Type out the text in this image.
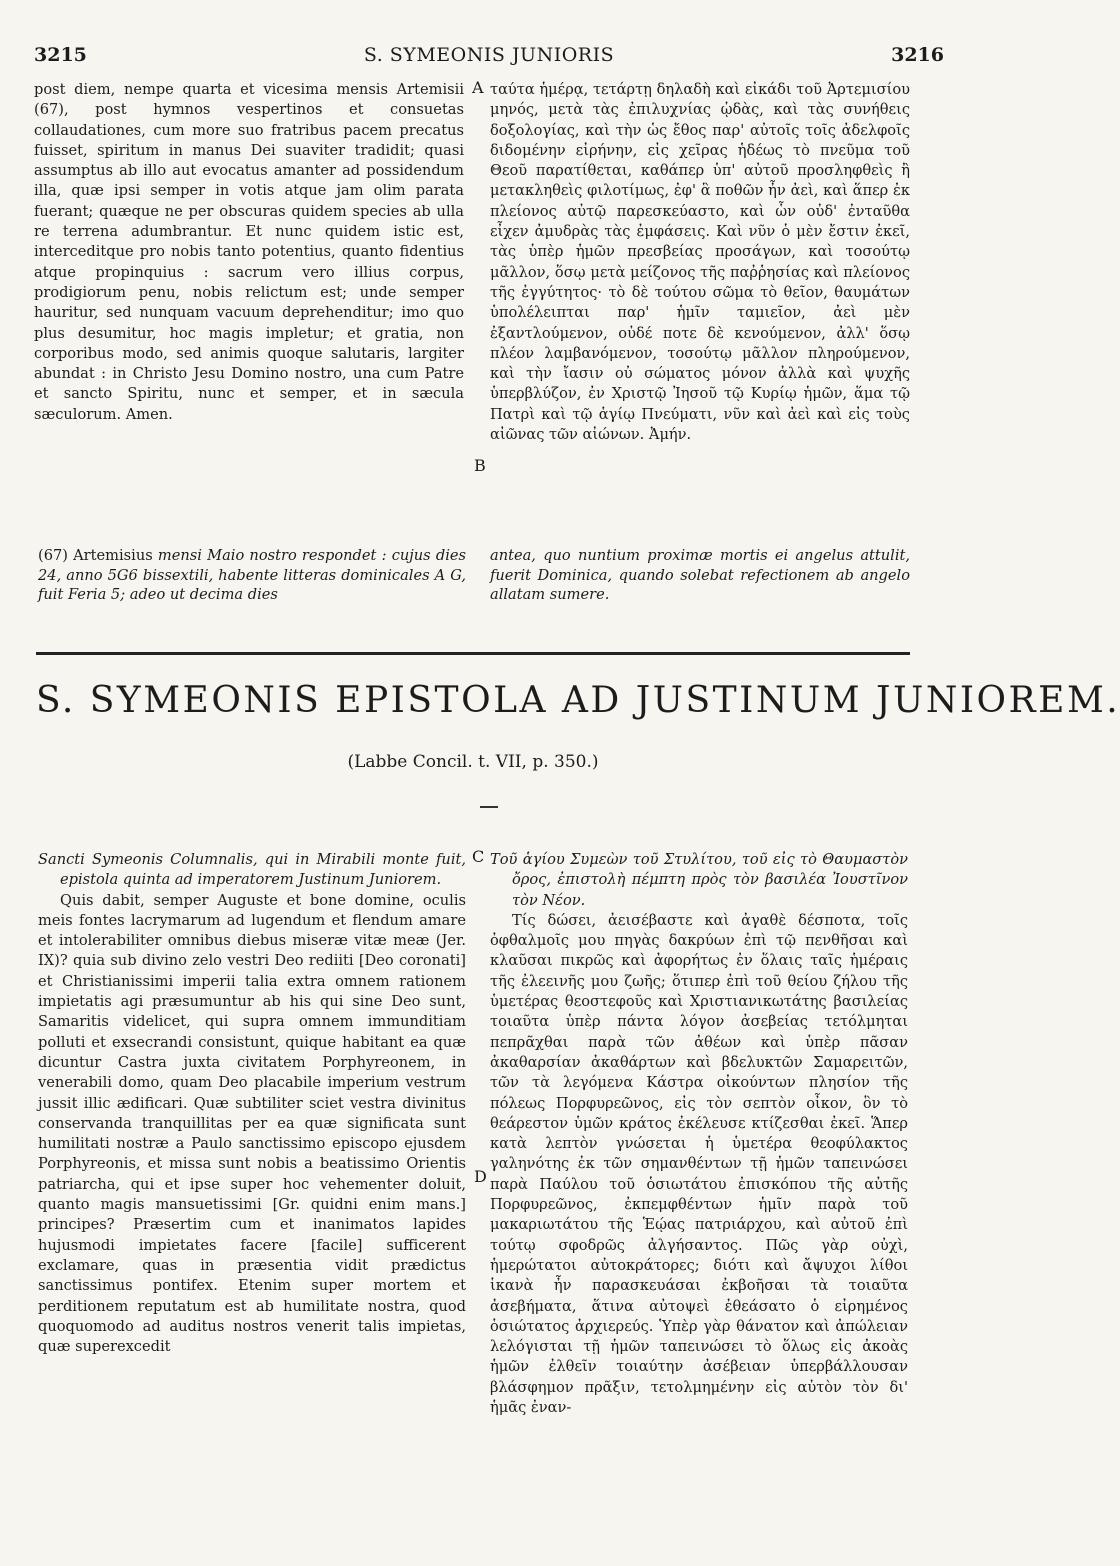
3215	S. SYMEONIS JUNIORIS	3216
A
B
C
D

post diem, nempe quarta et vicesima mensis Artemisii (67), post hymnos vespertinos et consuetas collaudationes, cum more suo fratribus pacem precatus fuisset, spiritum in manus Dei suaviter tradidit; quasi assumptus ab illo aut evocatus amanter ad possidendum illa, quæ ipsi semper in votis atque jam olim parata fuerant; quæque ne per obscuras quidem species ab ulla re terrena adumbrantur. Et nunc quidem istic est, interceditque pro nobis tanto potentius, quanto fidentius atque propinquius : sacrum vero illius corpus, prodigiorum penu, nobis relictum est; unde semper hauritur, sed nunquam vacuum deprehenditur; imo quo plus desumitur, hoc magis impletur; et gratia, non corporibus modo, sed animis quoque salutaris, largiter abundat : in Christo Jesu Domino nostro, una cum Patre et sancto Spiritu, nunc et semper, et in sæcula sæculorum. Amen.

ταύτα ἡμέρᾳ, τετάρτῃ δηλαδὴ καὶ εἰκάδι τοῦ Ἀρτεμισίου μηνός, μετὰ τὰς ἐπιλυχνίας ᾠδὰς, καὶ τὰς συνήθεις δοξολογίας, καὶ τὴν ὡς ἔθος παρ' αὐτοῖς τοῖς ἀδελφοῖς διδομένην εἰρήνην, εἰς χεῖρας ἡδέως τὸ πνεῦμα τοῦ Θεοῦ παρατίθεται, καθάπερ ὑπ' αὐτοῦ προσληφθεὶς ἢ μετακληθεὶς φιλοτίμως, ἐφ' ἃ ποθῶν ἦν ἀεὶ, καὶ ἅπερ ἐκ πλείονος αὐτῷ παρεσκεύαστο, καὶ ὧν οὐδ' ἐνταῦθα εἶχεν ἀμυδρὰς τὰς ἐμφάσεις. Καὶ νῦν ὁ μὲν ἔστιν ἐκεῖ, τὰς ὑπὲρ ἡμῶν πρεσβείας προσάγων, καὶ τοσούτῳ μᾶλλον, ὅσῳ μετὰ μείζονος τῆς παῤῥησίας καὶ πλείονος τῆς ἐγγύτητος· τὸ δὲ τούτου σῶμα τὸ θεῖον, θαυμάτων ὑπολέλειπται παρ' ἡμῖν ταμιεῖον, ἀεὶ μὲν ἐξαντλούμενον, οὐδέ ποτε δὲ κενούμενον, ἀλλ' ὅσῳ πλέον λαμβανόμενον, τοσούτῳ μᾶλλον πληρούμενον, καὶ τὴν ἴασιν οὐ σώματος μόνον ἀλλὰ καὶ ψυχῆς ὑπερβλύζον, ἐν Χριστῷ Ἰησοῦ τῷ Κυρίῳ ἡμῶν, ἅμα τῷ Πατρὶ καὶ τῷ ἁγίῳ Πνεύματι, νῦν καὶ ἀεὶ καὶ εἰς τοὺς αἰῶνας τῶν αἰώνων. Ἀμήν.

(67) Artemisius mensi Maio nostro respondet : cujus dies 24, anno 5G6 bissextili, habente litteras dominicales A G, fuit Feria 5; adeo ut decima dies
antea, quo nuntium proximæ mortis ei angelus attulit, fuerit Dominica, quando solebat refectionem ab angelo allatam sumere.
S. SYMEONIS EPISTOLA AD JUSTINUM JUNIOREM.
(Labbe Concil. t. VII, p. 350.)

Sancti Symeonis Columnalis, qui in Mirabili monte fuit, epistola quinta ad imperatorem Justinum Juniorem.

Quis dabit, semper Auguste et bone domine, oculis meis fontes lacrymarum ad lugendum et flendum amare et intolerabiliter omnibus diebus miseræ vitæ meæ (Jer. IX)? quia sub divino zelo vestri Deo rediiti [Deo coronati] et Christianissimi imperii talia extra omnem rationem impietatis agi præsumuntur ab his qui sine Deo sunt, Samaritis videlicet, qui supra omnem immunditiam polluti et exsecrandi consistunt, quique habitant ea quæ dicuntur Castra juxta civitatem Porphyreonem, in venerabili domo, quam Deo placabile imperium vestrum jussit illic ædificari. Quæ subtiliter sciet vestra divinitus conservanda tranquillitas per ea quæ significata sunt humilitati nostræ a Paulo sanctissimo episcopo ejusdem Porphyreonis, et missa sunt nobis a beatissimo Orientis patriarcha, qui et ipse super hoc vehementer doluit, quanto magis mansuetissimi [Gr. quidni enim mans.] principes? Præsertim cum et inanimatos lapides hujusmodi impietates facere [facile] sufficerent exclamare, quas in præsentia vidit prædictus sanctissimus pontifex. Etenim super mortem et perditionem reputatum est ab humilitate nostra, quod quoquomodo ad auditus nostros venerit talis impietas, quæ superexcedit

Τοῦ ἁγίου Συμεὼν τοῦ Στυλίτου, τοῦ εἰς τὸ Θαυμαστὸν ὄρος, ἐπιστολὴ πέμπτη πρὸς τὸν βασιλέα Ἰουστῖνον τὸν Νέον.

Τίς δώσει, ἀεισέβαστε καὶ ἀγαθὲ δέσποτα, τοῖς ὀφθαλμοῖς μου πηγὰς δακρύων ἐπὶ τῷ πενθῆσαι καὶ κλαῦσαι πικρῶς καὶ ἀφορήτως ἐν ὅλαις ταῖς ἡμέραις τῆς ἐλεεινῆς μου ζωῆς; ὅτιπερ ἐπὶ τοῦ θείου ζήλου τῆς ὑμετέρας θεοστεφοῦς καὶ Χριστιανικωτάτης βασιλείας τοιαῦτα ὑπὲρ πάντα λόγον ἀσεβείας τετόλμηται πεπρᾶχθαι παρὰ τῶν ἀθέων καὶ ὑπὲρ πᾶσαν ἀκαθαρσίαν ἀκαθάρτων καὶ βδελυκτῶν Σαμαρειτῶν, τῶν τὰ λεγόμενα Κάστρα οἰκούντων πλησίον τῆς πόλεως Πορφυρεῶνος, εἰς τὸν σεπτὸν οἶκον, ὃν τὸ θεάρεστον ὑμῶν κράτος ἐκέλευσε κτίζεσθαι ἐκεῖ. Ἅπερ κατὰ λεπτὸν γνώσεται ἡ ὑμετέρα θεοφύλακτος γαληνότης ἐκ τῶν σημανθέντων τῇ ἡμῶν ταπεινώσει παρὰ Παύλου τοῦ ὁσιωτάτου ἐπισκόπου τῆς αὐτῆς Πορφυρεῶνος, ἐκπεμφθέντων ἡμῖν παρὰ τοῦ μακαριωτάτου τῆς Ἑῴας πατριάρχου, καὶ αὐτοῦ ἐπὶ τούτῳ σφοδρῶς ἀλγήσαντος. Πῶς γὰρ οὐχὶ, ἡμερώτατοι αὐτοκράτορες; διότι καὶ ἄψυχοι λίθοι ἱκανὰ ἦν παρασκευάσαι ἐκβοῆσαι τὰ τοιαῦτα ἀσεβήματα, ἅτινα αὐτοψεὶ ἐθεάσατο ὁ εἰρημένος ὁσιώτατος ἀρχιερεύς. Ὑπὲρ γὰρ θάνατον καὶ ἀπώλειαν λελόγισται τῇ ἡμῶν ταπεινώσει τὸ ὅλως εἰς ἀκοὰς ἡμῶν ἐλθεῖν τοιαύτην ἀσέβειαν ὑπερβάλλουσαν βλάσφημον πρᾶξιν, τετολμημένην εἰς αὐτὸν τὸν δι' ἡμᾶς ἐναν-
